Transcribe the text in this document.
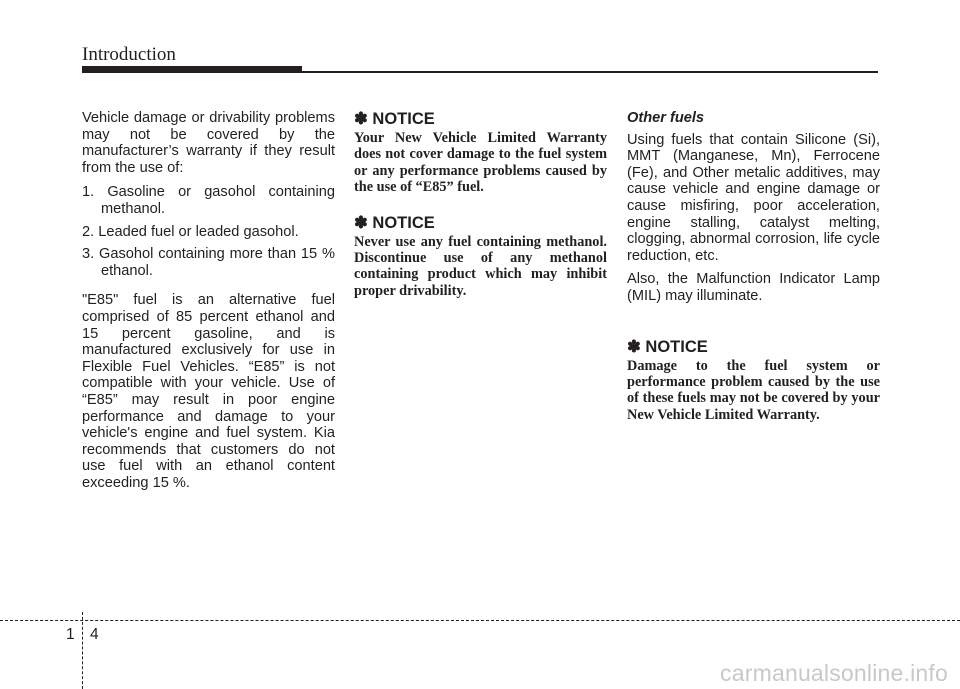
Introduction

Vehicle damage or drivability problems may not be covered by the manufacturer’s warranty if they result from the use of:

1. Gasoline or gasohol containing methanol.
2. Leaded fuel or leaded gasohol.
3. Gasohol containing more than 15 % ethanol.

"E85" fuel is an alternative fuel comprised of 85 percent ethanol and 15 percent gasoline, and is manufactured exclusively for use in Flexible Fuel Vehicles. “E85” is not compatible with your vehicle. Use of “E85” may result in poor engine performance and damage to your vehicle's engine and fuel system. Kia recommends that customers do not use fuel with an ethanol content exceeding 15 %.

✽ NOTICE

Your New Vehicle Limited Warranty does not cover damage to the fuel system or any performance problems caused by the use of “E85” fuel.

✽ NOTICE

Never use any fuel containing methanol. Discontinue use of any methanol containing product which may inhibit proper drivability.

Other fuels

Using fuels that contain Silicone (Si), MMT (Manganese, Mn), Ferrocene (Fe), and Other metalic additives, may cause vehicle and engine damage or cause misfiring, poor acceleration, engine stalling, catalyst melting, clogging, abnormal corrosion, life cycle reduction, etc.

Also, the Malfunction Indicator Lamp (MIL) may illuminate.

✽ NOTICE

Damage to the fuel system or performance problem caused by the use of these fuels may not be covered by your New Vehicle Limited Warranty.

1 4
carmanualsonline.info
